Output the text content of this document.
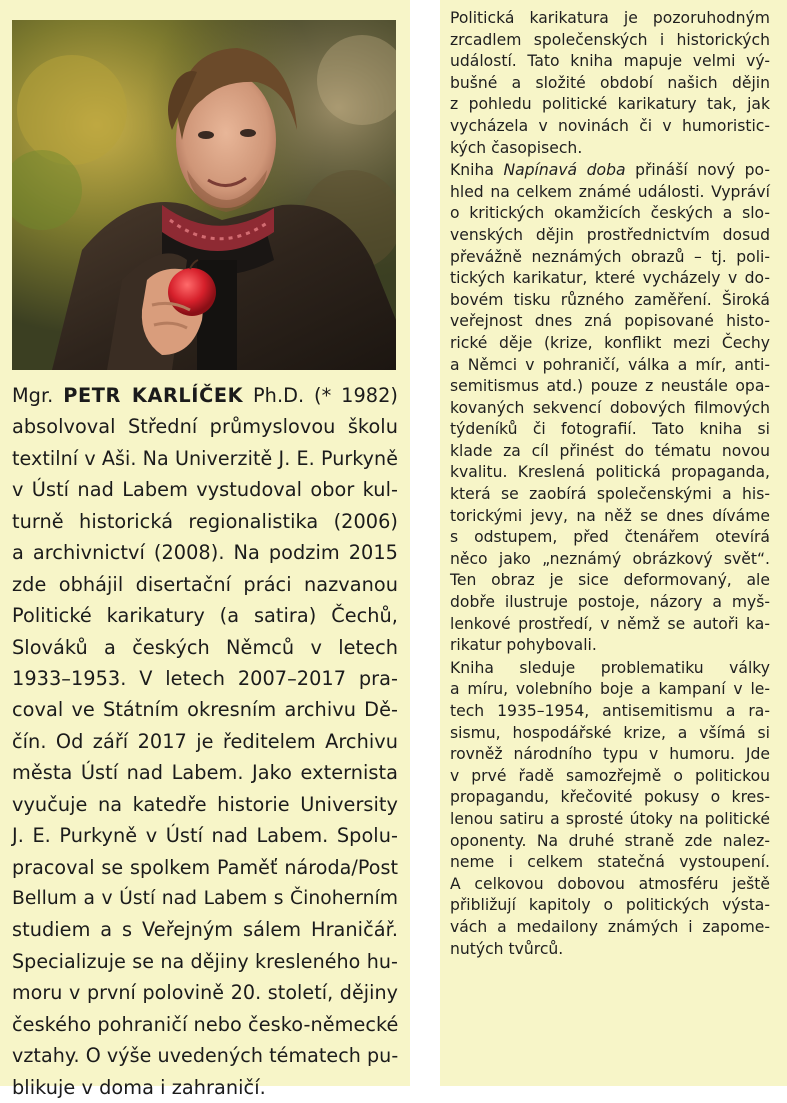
Mgr. PETR KARLÍČEK Ph.D. (* 1982)
absolvoval Střední průmyslovou školu
textilní v Aši. Na Univerzitě J. E. Purkyně
v Ústí nad Labem vystudoval obor kul-
turně historická regionalistika (2006)
a archivnictví (2008). Na podzim 2015
zde obhájil disertační práci nazvanou
Politické karikatury (a satira) Čechů,
Slováků a českých Němců v letech
1933–1953. V letech 2007–2017 pra-
coval ve Státním okresním archivu Dě-
čín. Od září 2017 je ředitelem Archivu
města Ústí nad Labem. Jako externista
vyučuje na katedře historie University
J. E. Purkyně v Ústí nad Labem. Spolu-
pracoval se spolkem Paměť národa/Post
Bellum a v Ústí nad Labem s Činoherním
studiem a s Veřejným sálem Hraničář.
Specializuje se na dějiny kresleného hu-
moru v první polovině 20. století, dějiny
českého pohraničí nebo česko-německé
vztahy. O výše uvedených tématech pu-
blikuje v doma i zahraničí.
Politická karikatura je pozoruhodným
zrcadlem společenských i historických
událostí. Tato kniha mapuje velmi vý-
bušné a složité období našich dějin
z pohledu politické karikatury tak, jak
vycházela v novinách či v humoristic-
kých časopisech.
Kniha Napínavá doba přináší nový po-
hled na celkem známé události. Vypráví
o kritických okamžicích českých a slo-
venských dějin prostřednictvím dosud
převážně neznámých obrazů – tj. poli-
tických karikatur, které vycházely v do-
bovém tisku různého zaměření. Široká
veřejnost dnes zná popisované histo-
rické děje (krize, konflikt mezi Čechy
a Němci v pohraničí, válka a mír, anti-
semitismus atd.) pouze z neustále opa-
kovaných sekvencí dobových filmových
týdeníků či fotografií. Tato kniha si
klade za cíl přinést do tématu novou
kvalitu. Kreslená politická propaganda,
která se zaobírá společenskými a his-
torickými jevy, na něž se dnes díváme
s odstupem, před čtenářem otevírá
něco jako „neznámý obrázkový svět“.
Ten obraz je sice deformovaný, ale
dobře ilustruje postoje, názory a myš-
lenkové prostředí, v němž se autoři ka-
rikatur pohybovali.
Kniha sleduje problematiku války
a míru, volebního boje a kampaní v le-
tech 1935–1954, antisemitismu a ra-
sismu, hospodářské krize, a všímá si
rovněž národního typu v humoru. Jde
v prvé řadě samozřejmě o politickou
propagandu, křečovité pokusy o kres-
lenou satiru a sprosté útoky na politické
oponenty. Na druhé straně zde nalez-
neme i celkem statečná vystoupení.
A celkovou dobovou atmosféru ještě
přibližují kapitoly o politických výsta-
vách a medailony známých i zapome-
nutých tvůrců.
